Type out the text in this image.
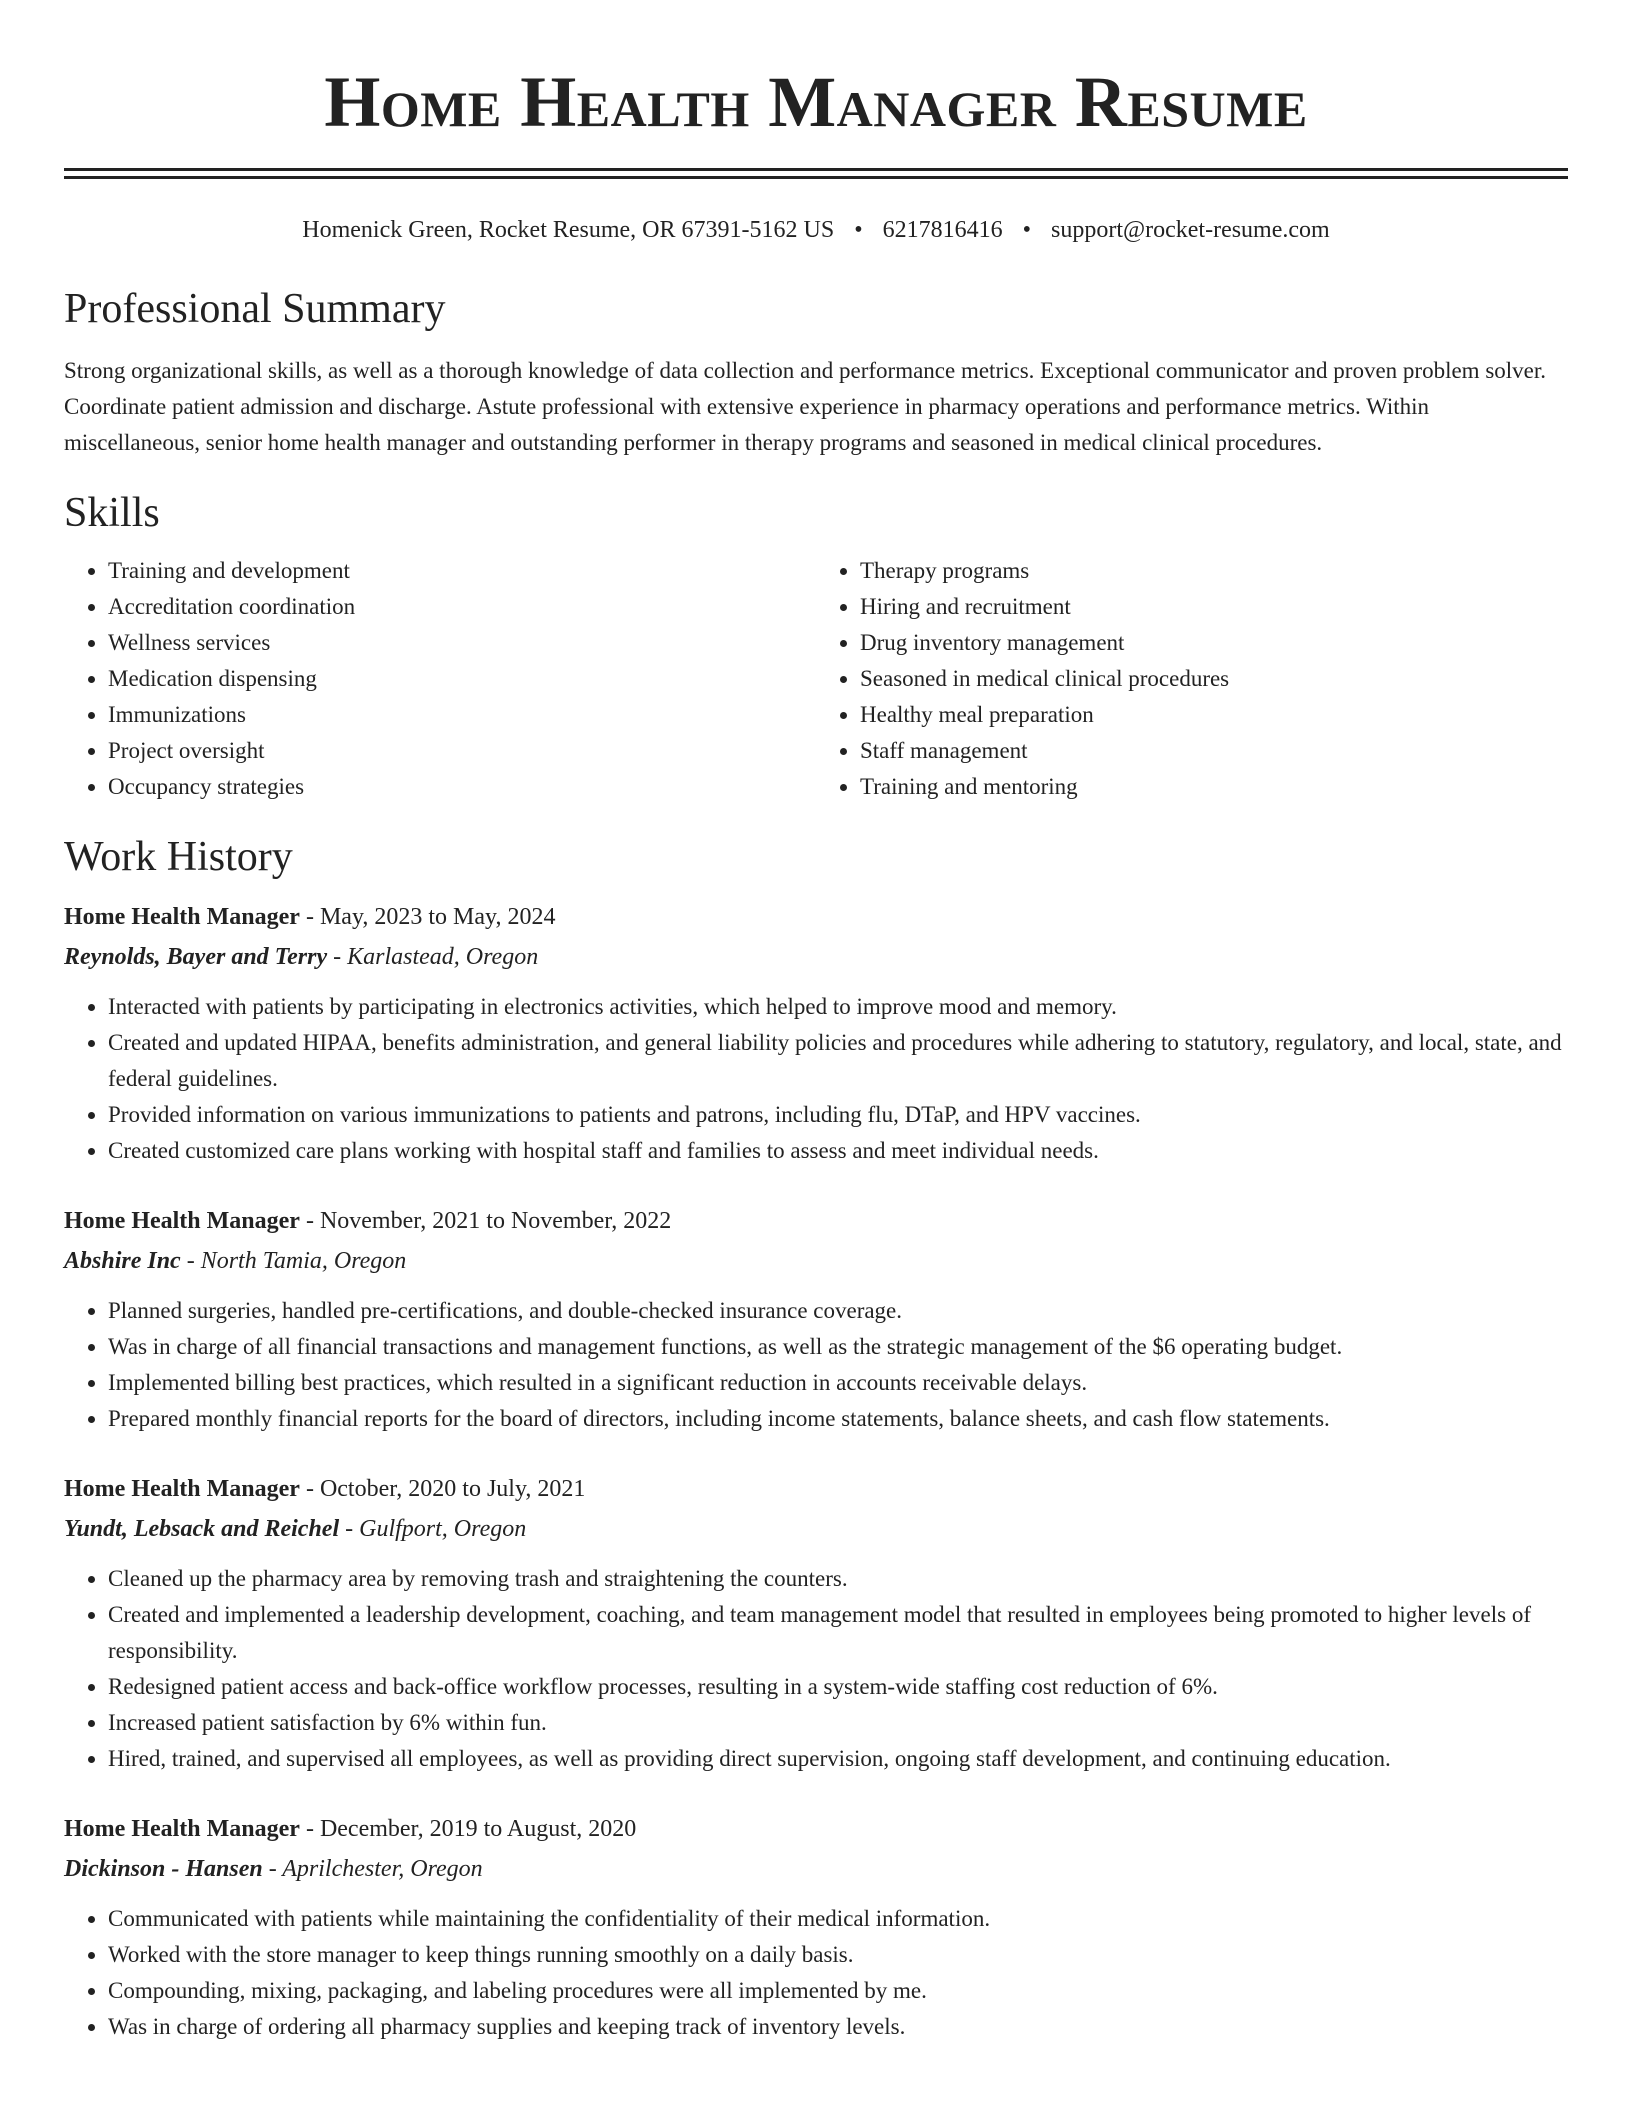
Home Health Manager Resume
Homenick Green, Rocket Resume, OR 67391-5162 US • 6217816416 • support@rocket-resume.com
Professional Summary

Strong organizational skills, as well as a thorough knowledge of data collection and performance metrics. Exceptional communicator and proven problem solver. Coordinate patient admission and discharge. Astute professional with extensive experience in pharmacy operations and performance metrics. Within miscellaneous, senior home health manager and outstanding performer in therapy programs and seasoned in medical clinical procedures.

Skills
• Training and development
• Accreditation coordination
• Wellness services
• Medication dispensing
• Immunizations
• Project oversight
• Occupancy strategies
• Therapy programs
• Hiring and recruitment
• Drug inventory management
• Seasoned in medical clinical procedures
• Healthy meal preparation
• Staff management
• Training and mentoring
Work History
Home Health Manager - May, 2023 to May, 2024
Reynolds, Bayer and Terry - Karlastead, Oregon
• Interacted with patients by participating in electronics activities, which helped to improve mood and memory.
• Created and updated HIPAA, benefits administration, and general liability policies and procedures while adhering to statutory, regulatory, and local, state, and federal guidelines.
• Provided information on various immunizations to patients and patrons, including flu, DTaP, and HPV vaccines.
• Created customized care plans working with hospital staff and families to assess and meet individual needs.
Home Health Manager - November, 2021 to November, 2022
Abshire Inc - North Tamia, Oregon
• Planned surgeries, handled pre-certifications, and double-checked insurance coverage.
• Was in charge of all financial transactions and management functions, as well as the strategic management of the $6 operating budget.
• Implemented billing best practices, which resulted in a significant reduction in accounts receivable delays.
• Prepared monthly financial reports for the board of directors, including income statements, balance sheets, and cash flow statements.
Home Health Manager - October, 2020 to July, 2021
Yundt, Lebsack and Reichel - Gulfport, Oregon
• Cleaned up the pharmacy area by removing trash and straightening the counters.
• Created and implemented a leadership development, coaching, and team management model that resulted in employees being promoted to higher levels of responsibility.
• Redesigned patient access and back-office workflow processes, resulting in a system-wide staffing cost reduction of 6%.
• Increased patient satisfaction by 6% within fun.
• Hired, trained, and supervised all employees, as well as providing direct supervision, ongoing staff development, and continuing education.
Home Health Manager - December, 2019 to August, 2020
Dickinson - Hansen - Aprilchester, Oregon
• Communicated with patients while maintaining the confidentiality of their medical information.
• Worked with the store manager to keep things running smoothly on a daily basis.
• Compounding, mixing, packaging, and labeling procedures were all implemented by me.
• Was in charge of ordering all pharmacy supplies and keeping track of inventory levels.
